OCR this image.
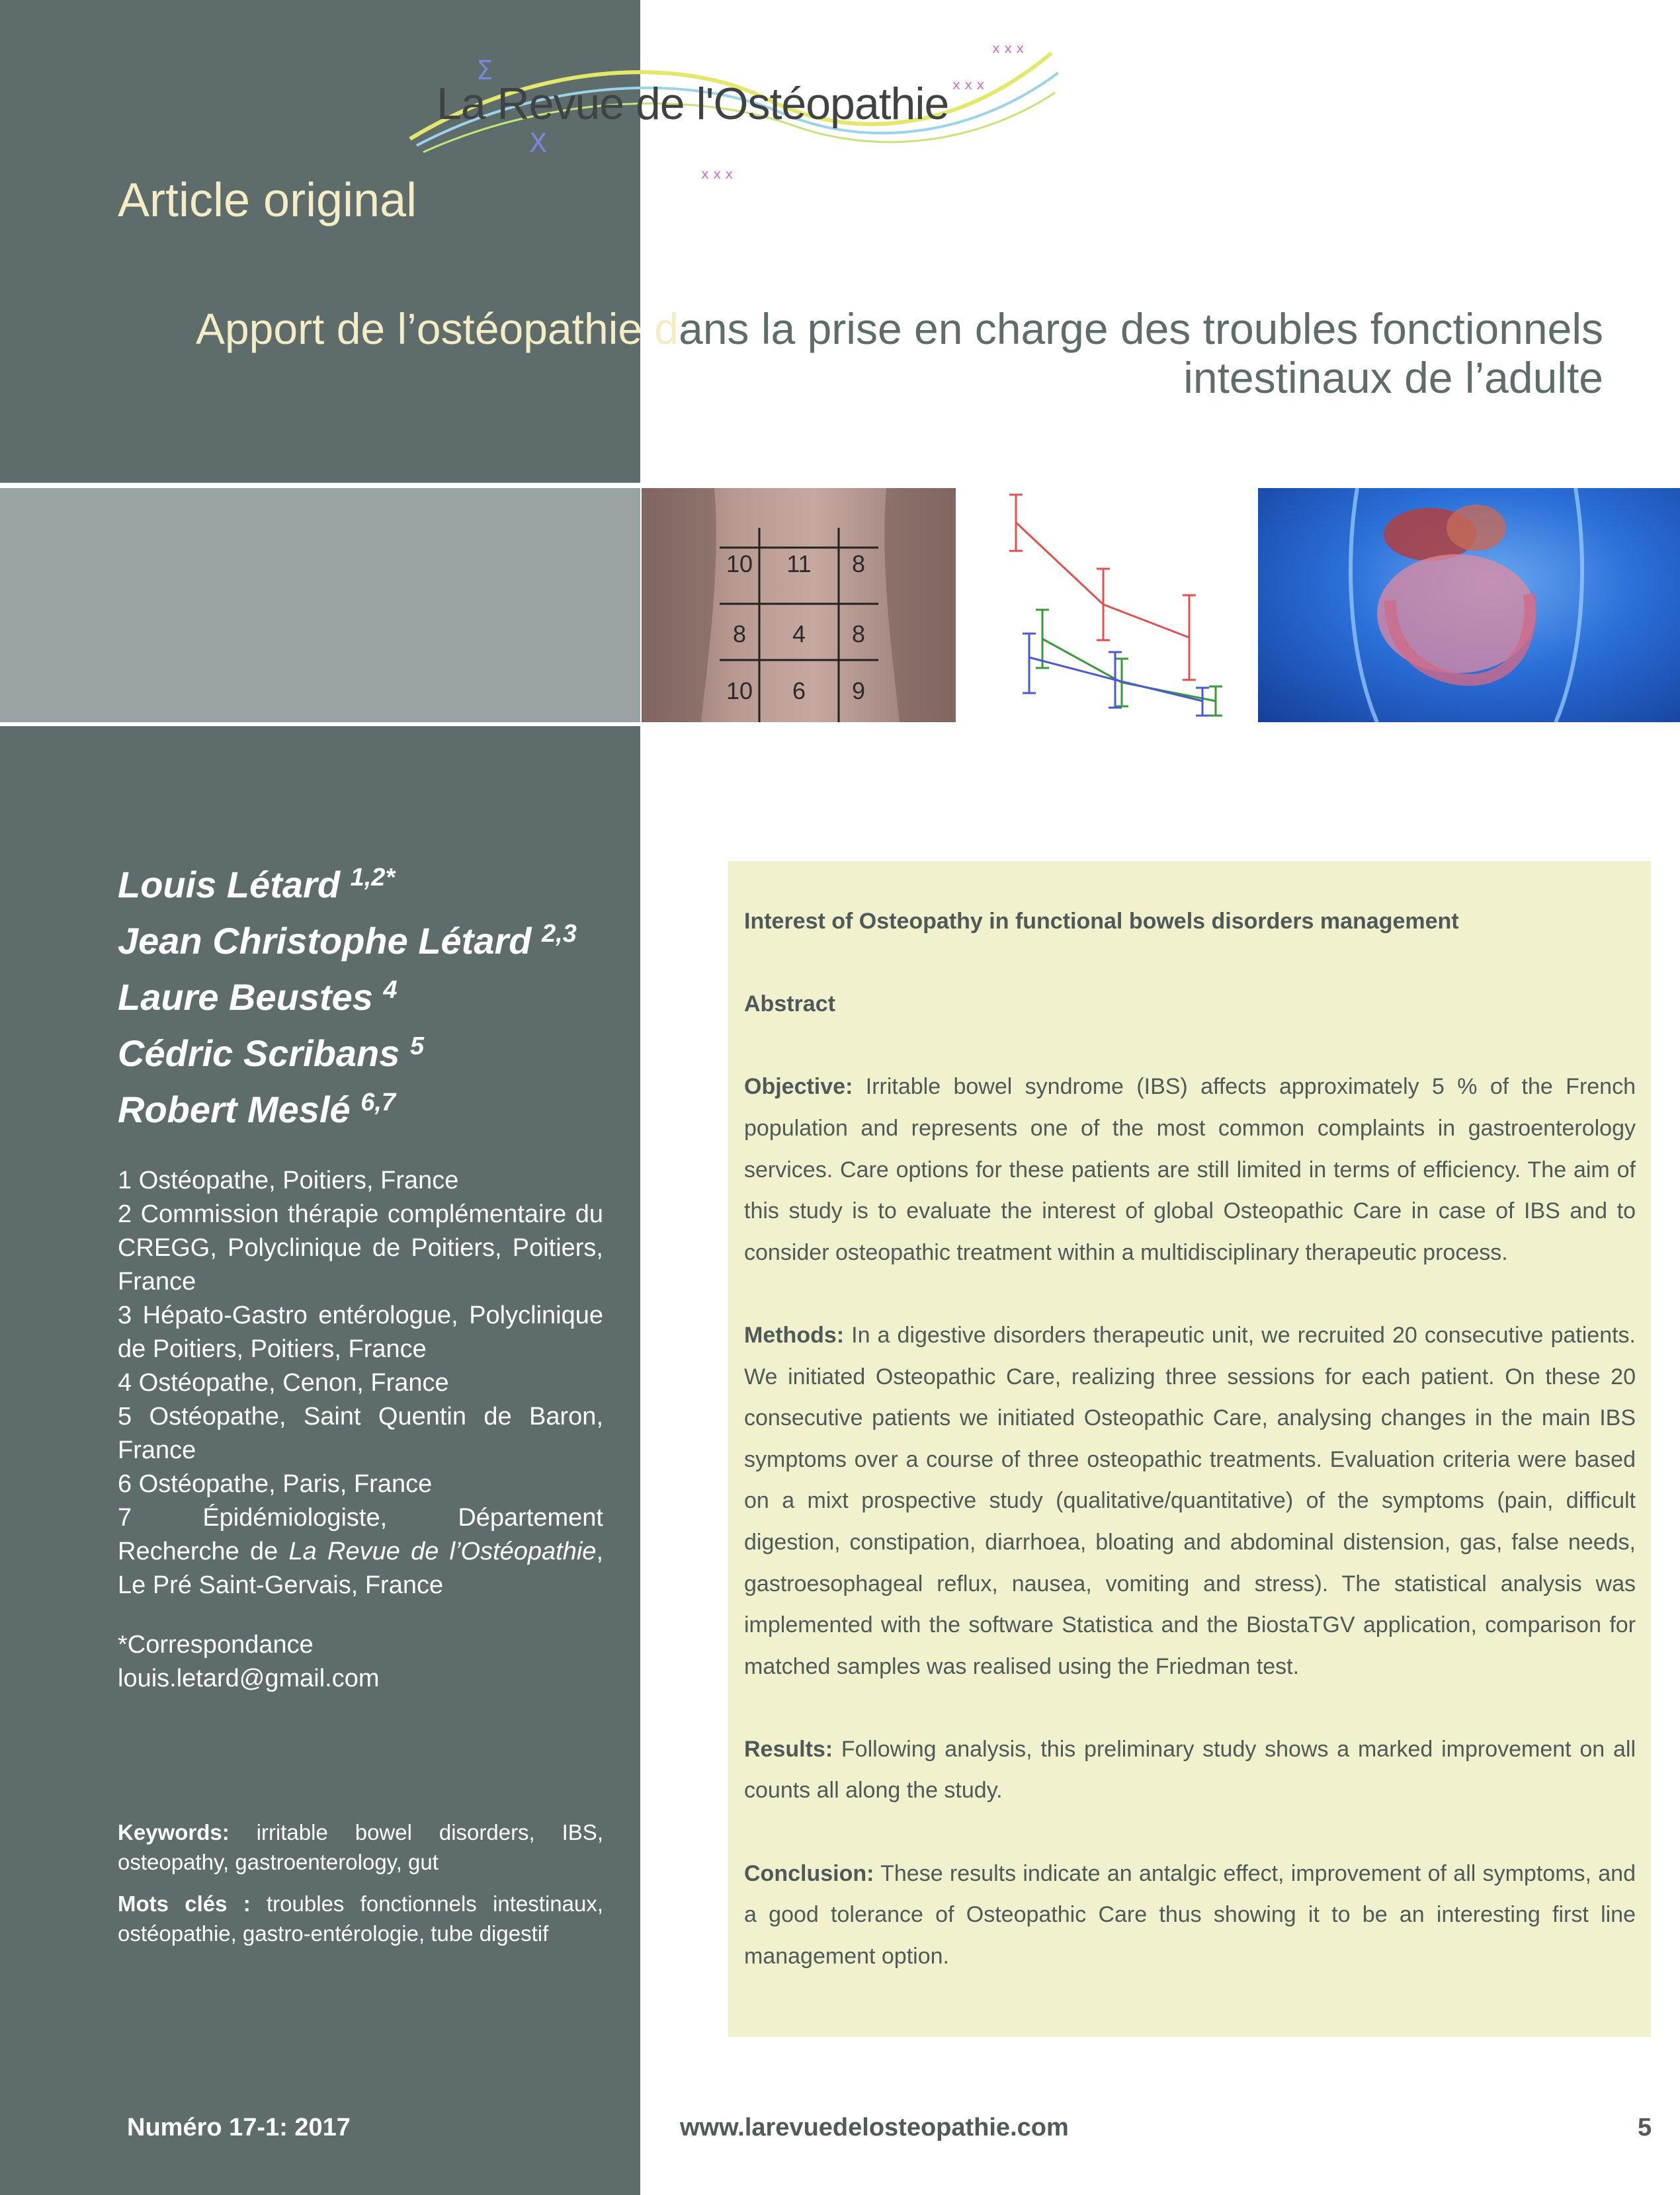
Σ
X
x x x
x x x
x x x
La Revue de l'Ostéopathie
Article original
Apport de l’ostéopathie dans la prise en charge des troubles fonctionnels
intestinaux de l’adulte
10	11	8
8	4	8
10	6	9
Louis Létard $^{1,2*}$
Jean Christophe Létard $^{2,3}$
Laure Beustes $^4$
Cédric Scribans $^5$
Robert Meslé $^{6,7}$
1 Ostéopathe, Poitiers, France
2 Commission thérapie complémentaire du CREGG, Polyclinique de Poitiers, Poitiers, France
3 Hépato-Gastro entérologue, Polyclinique de Poitiers, Poitiers, France
4 Ostéopathe, Cenon, France
5 Ostéopathe, Saint Quentin de Baron, France
6 Ostéopathe, Paris, France
7 Épidémiologiste, Département Recherche de La Revue de l’Ostéopathie, Le Pré Saint-Gervais, France
*Correspondance
louis.letard@gmail.com
Keywords: irritable bowel disorders, IBS, osteopathy, gastroenterology, gut
Mots clés : troubles fonctionnels intestinaux, ostéopathie, gastro-entérologie, tube digestif

Interest of Osteopathy in functional bowels disorders management

Abstract

Objective: Irritable bowel syndrome (IBS) affects approximately 5 % of the French population and represents one of the most common complaints in gastroenterology services. Care options for these patients are still limited in terms of efficiency. The aim of this study is to evaluate the interest of global Osteopathic Care in case of IBS and to consider osteopathic treatment within a multidisciplinary therapeutic process.

Methods: In a digestive disorders therapeutic unit, we recruited 20 consecutive patients. We initiated Osteopathic Care, realizing three sessions for each patient. On these 20 consecutive patients we initiated Osteopathic Care, analysing changes in the main IBS symptoms over a course of three osteopathic treatments. Evaluation criteria were based on a mixt prospective study (qualitative/quantitative) of the symptoms (pain, difficult digestion, constipation, diarrhoea, bloating and abdominal distension, gas, false needs, gastroesophageal reflux, nausea, vomiting and stress). The statistical analysis was implemented with the software Statistica and the BiostaTGV application, comparison for matched samples was realised using the Friedman test.

Results: Following analysis, this preliminary study shows a marked improvement on all counts all along the study.

Conclusion: These results indicate an antalgic effect, improvement of all symptoms, and a good tolerance of Osteopathic Care thus showing it to be an interesting first line management option.

Numéro 17-1: 2017	www.larevuedelosteopathie.com	5
